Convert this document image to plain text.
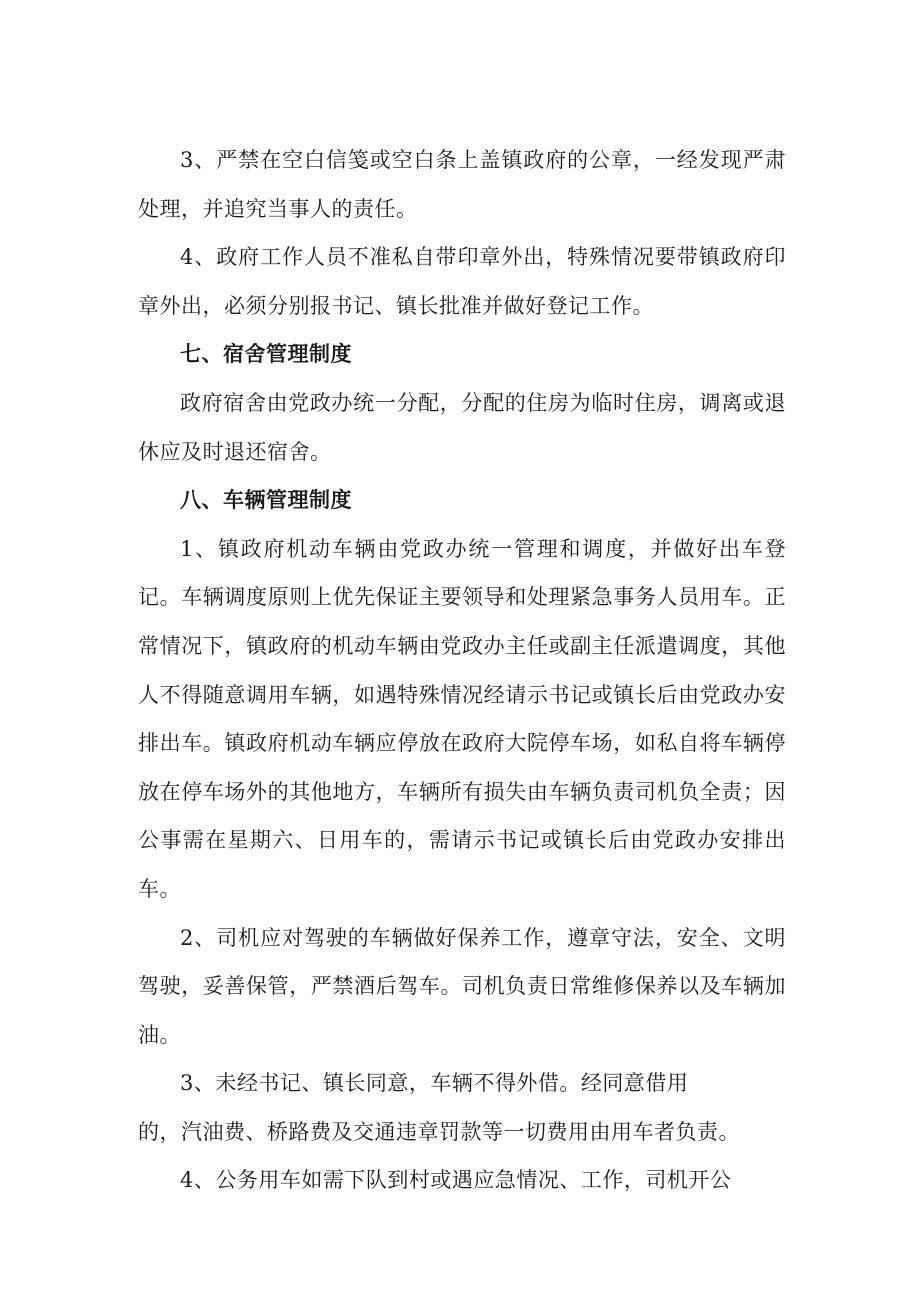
3、严禁在空白信笺或空白条上盖镇政府的公章，一经发现严肃处理，并追究当事人的责任。

4、政府工作人员不准私自带印章外出，特殊情况要带镇政府印章外出，必须分别报书记、镇长批准并做好登记工作。

七、宿舍管理制度

政府宿舍由党政办统一分配，分配的住房为临时住房，调离或退休应及时退还宿舍。

八、车辆管理制度

1、镇政府机动车辆由党政办统一管理和调度，并做好出车登记。车辆调度原则上优先保证主要领导和处理紧急事务人员用车。正常情况下，镇政府的机动车辆由党政办主任或副主任派遣调度，其他人不得随意调用车辆，如遇特殊情况经请示书记或镇长后由党政办安排出车。镇政府机动车辆应停放在政府大院停车场，如私自将车辆停放在停车场外的其他地方，车辆所有损失由车辆负责司机负全责；因公事需在星期六、日用车的，需请示书记或镇长后由党政办安排出车。

2、司机应对驾驶的车辆做好保养工作，遵章守法，安全、文明驾驶，妥善保管，严禁酒后驾车。司机负责日常维修保养以及车辆加油。

3、未经书记、镇长同意，车辆不得外借。经同意借用
的，汽油费、桥路费及交通违章罚款等一切费用由用车者负责。

4、公务用车如需下队到村或遇应急情况、工作，司机开公
